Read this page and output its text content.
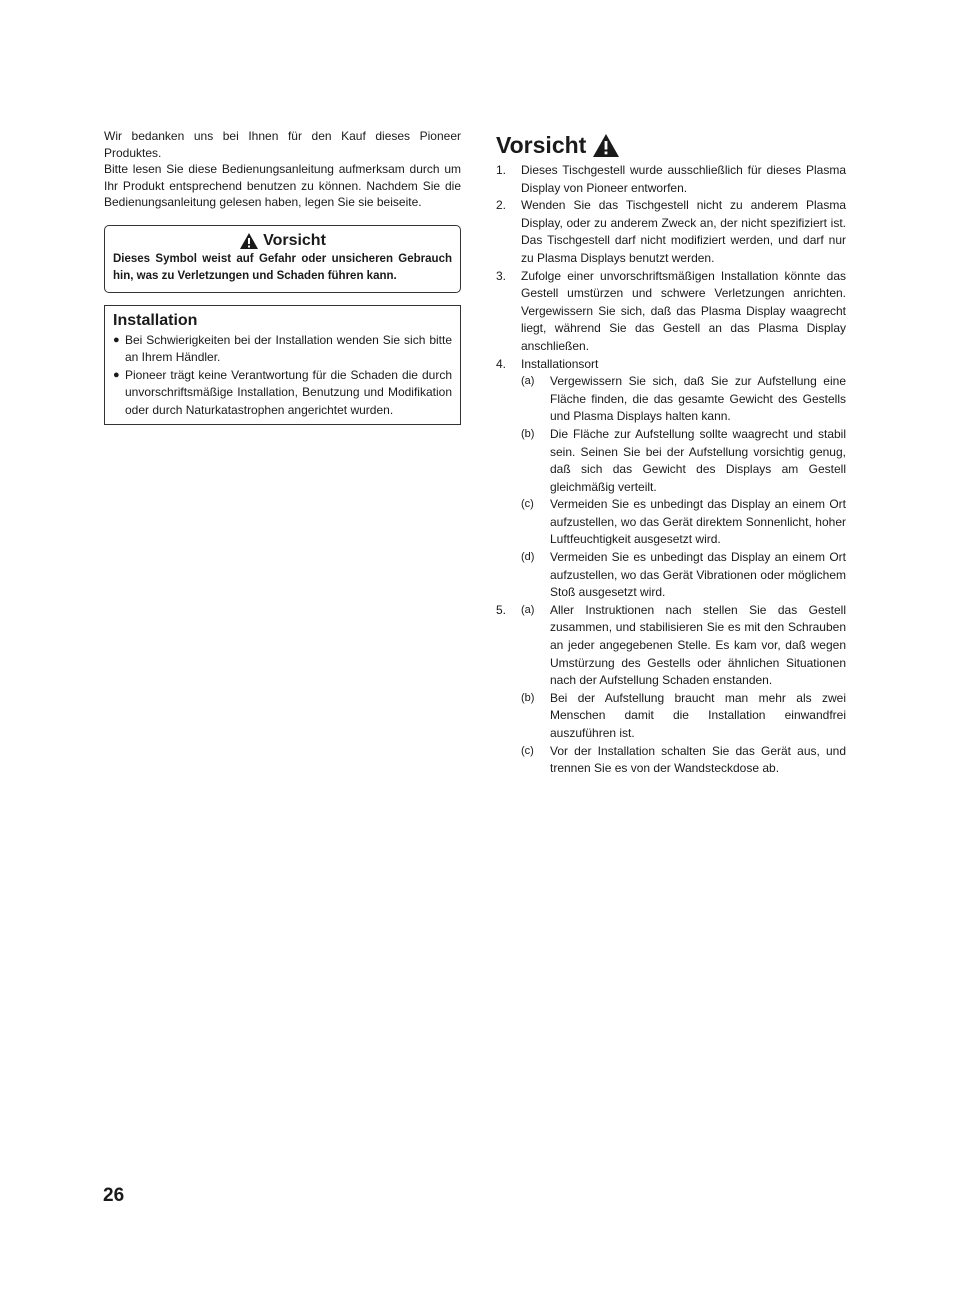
Wir bedanken uns bei Ihnen für den Kauf dieses Pioneer Produktes.

Bitte lesen Sie diese Bedienungsanleitung aufmerksam durch um Ihr Produkt entsprechend benutzen zu können. Nachdem Sie die Bedienungsanleitung gelesen haben, legen Sie sie beiseite.

Vorsicht

Dieses Symbol weist auf Gefahr oder unsicheren Gebrauch hin, was zu Verletzungen und Schaden führen kann.

Installation

● Bei Schwierigkeiten bei der Installation wenden Sie sich bitte an Ihrem Händler.
● Pioneer trägt keine Verantwortung für die Schaden die durch unvorschriftsmäßige Installation, Benutzung und Modifikation oder durch Naturkatastrophen angerichtet wurden.
Vorsicht
1.	Dieses Tischgestell wurde ausschließlich für dieses Plasma Display von Pioneer entworfen.
2.	Wenden Sie das Tischgestell nicht zu anderem Plasma Display, oder zu anderem Zweck an, der nicht spezifiziert ist. Das Tischgestell darf nicht modifiziert werden, und darf nur zu Plasma Displays benutzt werden.
3.	Zufolge einer unvorschriftsmäßigen Installation könnte das Gestell umstürzen und schwere Verletzungen anrichten. Vergewissern Sie sich, daß das Plasma Display waagrecht liegt, während Sie das Gestell an das Plasma Display anschließen.
4.	Installationsort
(a)	Vergewissern Sie sich, daß Sie zur Aufstellung eine Fläche finden, die das gesamte Gewicht des Gestells und Plasma Displays halten kann.
(b)	Die Fläche zur Aufstellung sollte waagrecht und stabil sein. Seinen Sie bei der Aufstellung vorsichtig genug, daß sich das Gewicht des Displays am Gestell gleichmäßig verteilt.
(c)	Vermeiden Sie es unbedingt das Display an einem Ort aufzustellen, wo das Gerät direktem Sonnenlicht, hoher Luftfeuchtigkeit ausgesetzt wird.
(d)	Vermeiden Sie es unbedingt das Display an einem Ort aufzustellen, wo das Gerät Vibrationen oder möglichem Stoß ausgesetzt wird.
5.	(a)	Aller Instruktionen nach stellen Sie das Gestell zusammen, und stabilisieren Sie es mit den Schrauben an jeder angegebenen Stelle. Es kam vor, daß wegen Umstürzung des Gestells oder ähnlichen Situationen nach der Aufstellung Schaden enstanden.
(b)	Bei der Aufstellung braucht man mehr als zwei Menschen damit die Installation einwandfrei auszuführen ist.
(c)	Vor der Installation schalten Sie das Gerät aus, und trennen Sie es von der Wandsteckdose ab.
26
